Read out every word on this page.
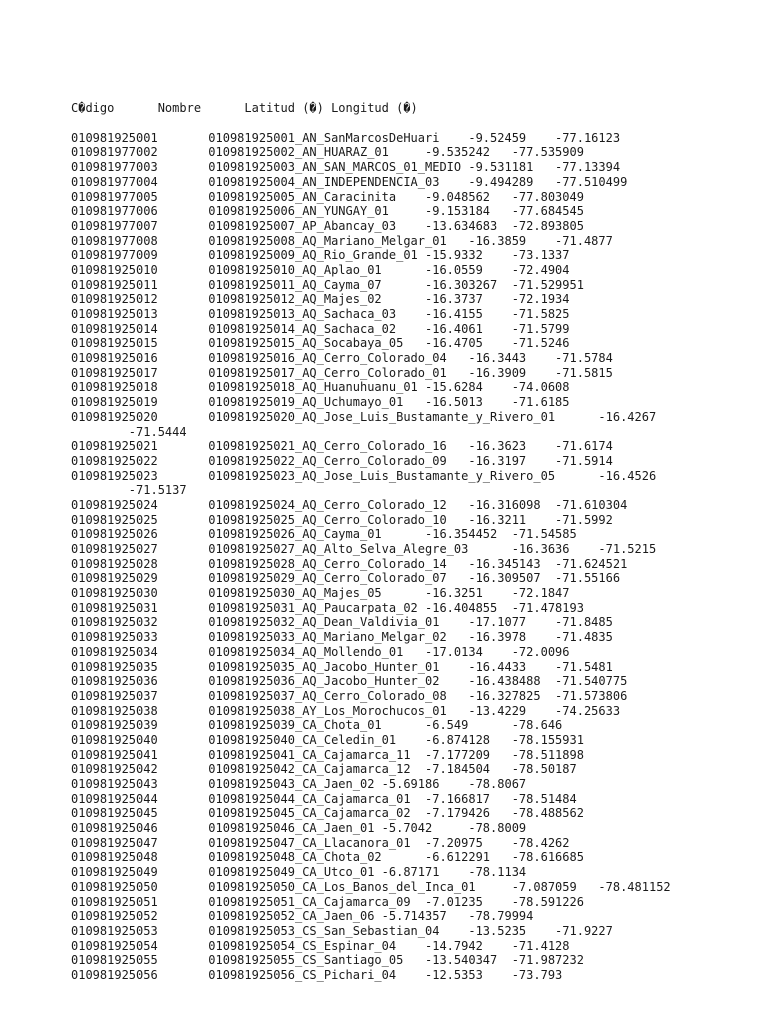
C�digo      Nombre      Latitud (�) Longitud (�)

010981925001       010981925001_AN_SanMarcosDeHuari    -9.52459    -77.16123
010981977002       010981925002_AN_HUARAZ_01     -9.535242   -77.535909
010981977003       010981925003_AN_SAN_MARCOS_01_MEDIO -9.531181   -77.13394
010981977004       010981925004_AN_INDEPENDENCIA_03    -9.494289   -77.510499
010981977005       010981925005_AN_Caracinita    -9.048562   -77.803049
010981977006       010981925006_AN_YUNGAY_01     -9.153184   -77.684545
010981977007       010981925007_AP_Abancay_03    -13.634683  -72.893805
010981977008       010981925008_AQ_Mariano_Melgar_01   -16.3859    -71.4877
010981977009       010981925009_AQ_Rio_Grande_01 -15.9332    -73.1337
010981925010       010981925010_AQ_Aplao_01      -16.0559    -72.4904
010981925011       010981925011_AQ_Cayma_07      -16.303267  -71.529951
010981925012       010981925012_AQ_Majes_02      -16.3737    -72.1934
010981925013       010981925013_AQ_Sachaca_03    -16.4155    -71.5825
010981925014       010981925014_AQ_Sachaca_02    -16.4061    -71.5799
010981925015       010981925015_AQ_Socabaya_05   -16.4705    -71.5246
010981925016       010981925016_AQ_Cerro_Colorado_04   -16.3443    -71.5784
010981925017       010981925017_AQ_Cerro_Colorado_01   -16.3909    -71.5815
010981925018       010981925018_AQ_Huanuhuanu_01 -15.6284    -74.0608
010981925019       010981925019_AQ_Uchumayo_01   -16.5013    -71.6185
010981925020       010981925020_AQ_Jose_Luis_Bustamante_y_Rivero_01      -16.4267
-71.5444
010981925021       010981925021_AQ_Cerro_Colorado_16   -16.3623    -71.6174
010981925022       010981925022_AQ_Cerro_Colorado_09   -16.3197    -71.5914
010981925023       010981925023_AQ_Jose_Luis_Bustamante_y_Rivero_05      -16.4526
-71.5137
010981925024       010981925024_AQ_Cerro_Colorado_12   -16.316098  -71.610304
010981925025       010981925025_AQ_Cerro_Colorado_10   -16.3211    -71.5992
010981925026       010981925026_AQ_Cayma_01      -16.354452  -71.54585
010981925027       010981925027_AQ_Alto_Selva_Alegre_03      -16.3636    -71.5215
010981925028       010981925028_AQ_Cerro_Colorado_14   -16.345143  -71.624521
010981925029       010981925029_AQ_Cerro_Colorado_07   -16.309507  -71.55166
010981925030       010981925030_AQ_Majes_05      -16.3251    -72.1847
010981925031       010981925031_AQ_Paucarpata_02 -16.404855  -71.478193
010981925032       010981925032_AQ_Dean_Valdivia_01    -17.1077    -71.8485
010981925033       010981925033_AQ_Mariano_Melgar_02   -16.3978    -71.4835
010981925034       010981925034_AQ_Mollendo_01   -17.0134    -72.0096
010981925035       010981925035_AQ_Jacobo_Hunter_01    -16.4433    -71.5481
010981925036       010981925036_AQ_Jacobo_Hunter_02    -16.438488  -71.540775
010981925037       010981925037_AQ_Cerro_Colorado_08   -16.327825  -71.573806
010981925038       010981925038_AY_Los_Morochucos_01   -13.4229    -74.25633
010981925039       010981925039_CA_Chota_01      -6.549      -78.646
010981925040       010981925040_CA_Celedin_01    -6.874128   -78.155931
010981925041       010981925041_CA_Cajamarca_11  -7.177209   -78.511898
010981925042       010981925042_CA_Cajamarca_12  -7.184504   -78.50187
010981925043       010981925043_CA_Jaen_02 -5.69186    -78.8067
010981925044       010981925044_CA_Cajamarca_01  -7.166817   -78.51484
010981925045       010981925045_CA_Cajamarca_02  -7.179426   -78.488562
010981925046       010981925046_CA_Jaen_01 -5.7042     -78.8009
010981925047       010981925047_CA_Llacanora_01  -7.20975    -78.4262
010981925048       010981925048_CA_Chota_02      -6.612291   -78.616685
010981925049       010981925049_CA_Utco_01 -6.87171    -78.1134
010981925050       010981925050_CA_Los_Banos_del_Inca_01     -7.087059   -78.481152
010981925051       010981925051_CA_Cajamarca_09  -7.01235    -78.591226
010981925052       010981925052_CA_Jaen_06 -5.714357   -78.79994
010981925053       010981925053_CS_San_Sebastian_04    -13.5235    -71.9227
010981925054       010981925054_CS_Espinar_04    -14.7942    -71.4128
010981925055       010981925055_CS_Santiago_05   -13.540347  -71.987232
010981925056       010981925056_CS_Pichari_04    -12.5353    -73.793
